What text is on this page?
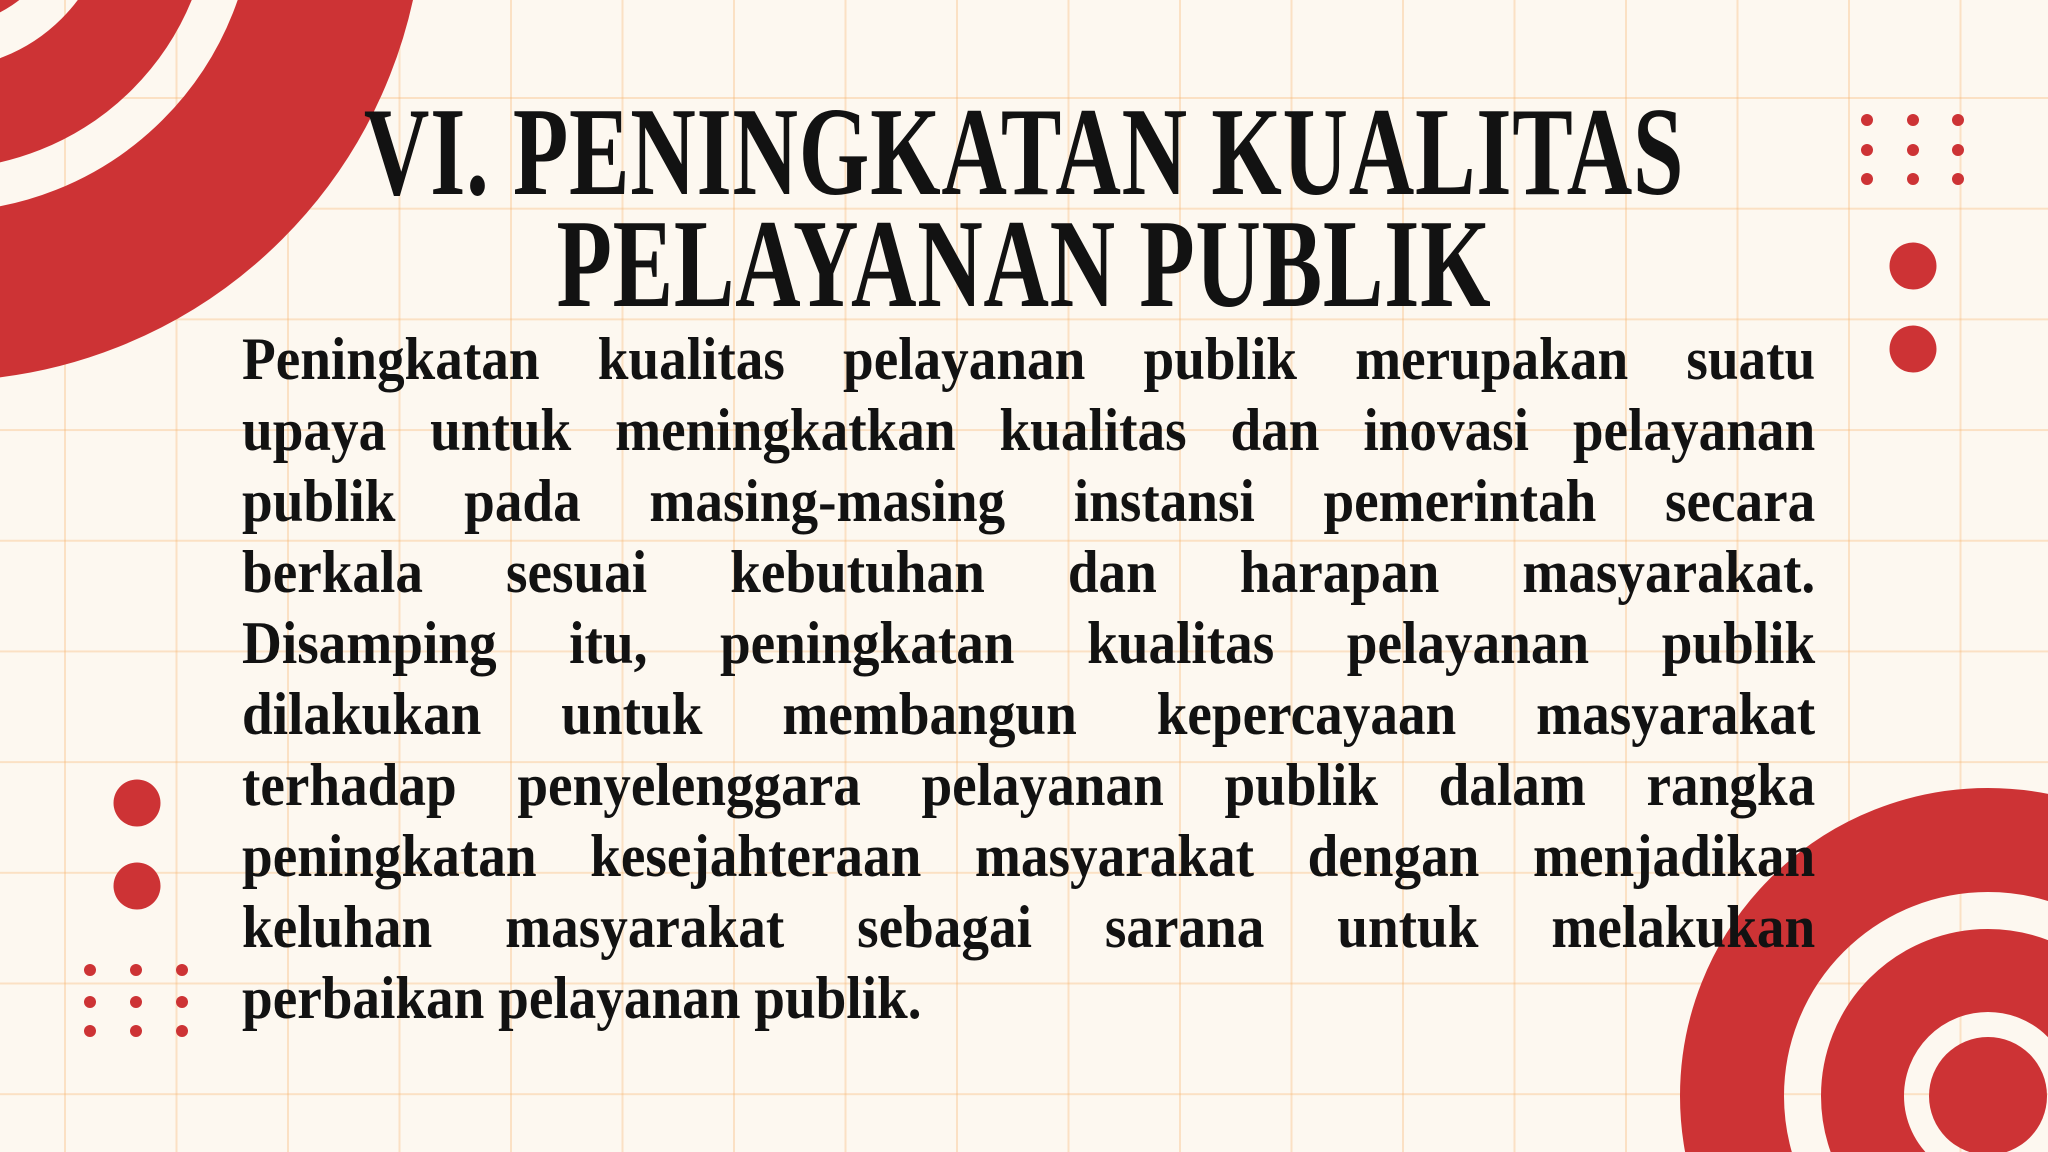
VI. PENINGKATAN KUALITAS
PELAYANAN PUBLIK
Peningkatan kualitas pelayanan publik merupakan suatu
upaya untuk meningkatkan kualitas dan inovasi pelayanan
publik pada masing-masing instansi pemerintah secara
berkala sesuai kebutuhan dan harapan masyarakat.
Disamping itu, peningkatan kualitas pelayanan publik
dilakukan untuk membangun kepercayaan masyarakat
terhadap penyelenggara pelayanan publik dalam rangka
peningkatan kesejahteraan masyarakat dengan menjadikan
keluhan masyarakat sebagai sarana untuk melakukan
perbaikan pelayanan publik.
